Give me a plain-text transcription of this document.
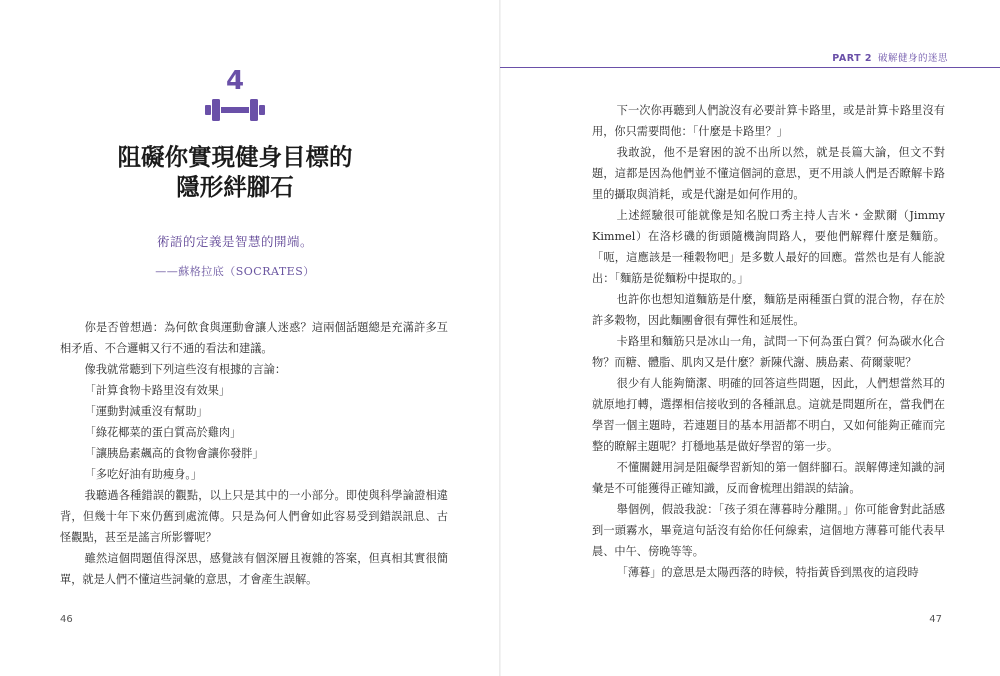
4
阻礙你實現健身目標的
隱形絆腳石
術語的定義是智慧的開端。
——蘇格拉底（SOCRATES）

你是否曾想過：為何飲食與運動會讓人迷惑？這兩個話題總是充滿許多互相矛盾、不合邏輯又行不通的看法和建議。

像我就常聽到下列這些沒有根據的言論：

「計算食物卡路里沒有效果」

「運動對減重沒有幫助」

「綠花椰菜的蛋白質高於雞肉」

「讓胰島素飆高的食物會讓你發胖」

「多吃好油有助瘦身。」

我聽過各種錯誤的觀點，以上只是其中的一小部分。即使與科學論證相違背，但幾十年下來仍舊到處流傳。只是為何人們會如此容易受到錯誤訊息、古怪觀點，甚至是謠言所影響呢？

雖然這個問題值得深思，感覺該有個深層且複雜的答案，但真相其實很簡單，就是人們不懂這些詞彙的意思，才會產生誤解。

46
PART 2 破解健身的迷思
47

下一次你再聽到人們說沒有必要計算卡路里，或是計算卡路里沒有用，你只需要問他：「什麼是卡路里？」

我敢說，他不是窘困的說不出所以然，就是長篇大論，但文不對題，這都是因為他們並不懂這個詞的意思，更不用談人們是否瞭解卡路里的攝取與消耗，或是代謝是如何作用的。

上述經驗很可能就像是知名脫口秀主持人吉米・金默爾（Jimmy Kimmel）在洛杉磯的街頭隨機詢問路人，要他們解釋什麼是麵筋。「呃，這應該是一種穀物吧」是多數人最好的回應。當然也是有人能說出：「麵筋是從麵粉中提取的。」

也許你也想知道麵筋是什麼，麵筋是兩種蛋白質的混合物，存在於許多穀物，因此麵團會很有彈性和延展性。

卡路里和麵筋只是冰山一角，試問一下何為蛋白質？何為碳水化合物？而糖、體脂、肌肉又是什麼？新陳代謝、胰島素、荷爾蒙呢？

很少有人能夠簡潔、明確的回答這些問題，因此，人們想當然耳的就原地打轉，選擇相信接收到的各種訊息。這就是問題所在，當我們在學習一個主題時，若連題目的基本用語都不明白，又如何能夠正確而完整的瞭解主題呢？打穩地基是做好學習的第一步。

不懂關鍵用詞是阻礙學習新知的第一個絆腳石。誤解傳達知識的詞彙是不可能獲得正確知識，反而會梳理出錯誤的結論。

舉個例，假設我說：「孩子須在薄暮時分離開。」你可能會對此話感到一頭霧水，畢竟這句話沒有給你任何線索，這個地方薄暮可能代表早晨、中午、傍晚等等。

「薄暮」的意思是太陽西落的時候，特指黃昏到黑夜的這段時
